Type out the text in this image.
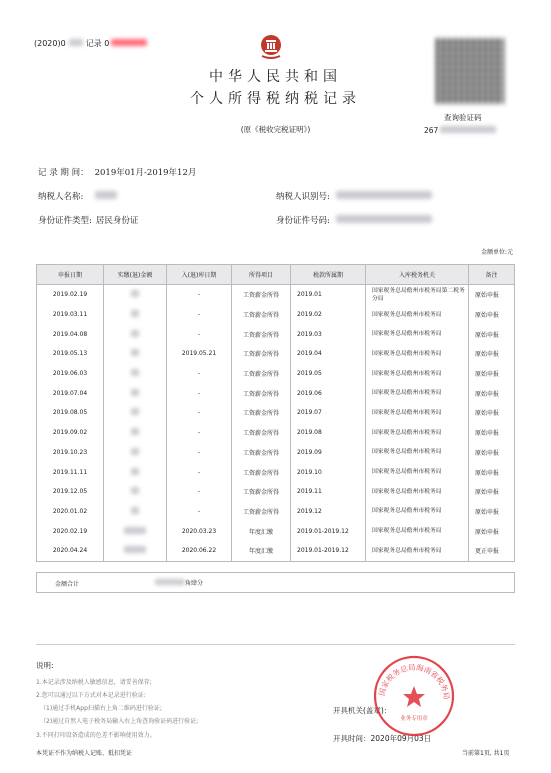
(2020)0	记录 0
中华人民共和国
个人所得税纳税记录
(原《税收完税证明》)
查询验证码
267
记 录 期 间： 2019年01月-2019年12月
纳税人名称:	纳税人识别号:
身份证件类型: 居民身份证	身份证件号码:
金额单位:元
申报日期	实缴(退)金额	入(退)库日期	所得项目	税款所属期	入库税务机关	备注
2019.02.19		-	工资薪金所得	2019.01	国家税务总局儋州市税务局第二税务分局	原始申报
2019.03.11		-	工资薪金所得	2019.02	国家税务总局儋州市税务局	原始申报
2019.04.08		-	工资薪金所得	2019.03	国家税务总局儋州市税务局	原始申报
2019.05.13		2019.05.21	工资薪金所得	2019.04	国家税务总局儋州市税务局	原始申报
2019.06.03		-	工资薪金所得	2019.05	国家税务总局儋州市税务局	原始申报
2019.07.04		-	工资薪金所得	2019.06	国家税务总局儋州市税务局	原始申报
2019.08.05		-	工资薪金所得	2019.07	国家税务总局儋州市税务局	原始申报
2019.09.02		-	工资薪金所得	2019.08	国家税务总局儋州市税务局	原始申报
2019.10.23		-	工资薪金所得	2019.09	国家税务总局儋州市税务局	原始申报
2019.11.11		-	工资薪金所得	2019.10	国家税务总局儋州市税务局	原始申报
2019.12.05		-	工资薪金所得	2019.11	国家税务总局儋州市税务局	原始申报
2020.01.02		-	工资薪金所得	2019.12	国家税务总局儋州市税务局	原始申报
2020.02.19		2020.03.23	年度汇缴	2019.01-2019.12	国家税务总局儋州市税务局	原始申报
2020.04.24		2020.06.22	年度汇缴	2019.01-2019.12	国家税务总局儋州市税务局	更正申报
金额合计	角肆分
说明:
1.本记录涉及纳税人敏感信息，请妥善保存;
2.您可以通过以下方式对本记录进行验证:
（1)通过手机App扫描右上角二维码进行验证;
（2)通过自然人电子税务局输入右上角查询验证码进行验证;
3.不同打印设备造成的色差不影响使用效力。
本凭证不作为纳税人记账、抵扣凭证
开具机关(盖章)：
开具时间：2020年09月03日
当前第1页, 共1页
国家税务总局海南省税务局
业务专用章
